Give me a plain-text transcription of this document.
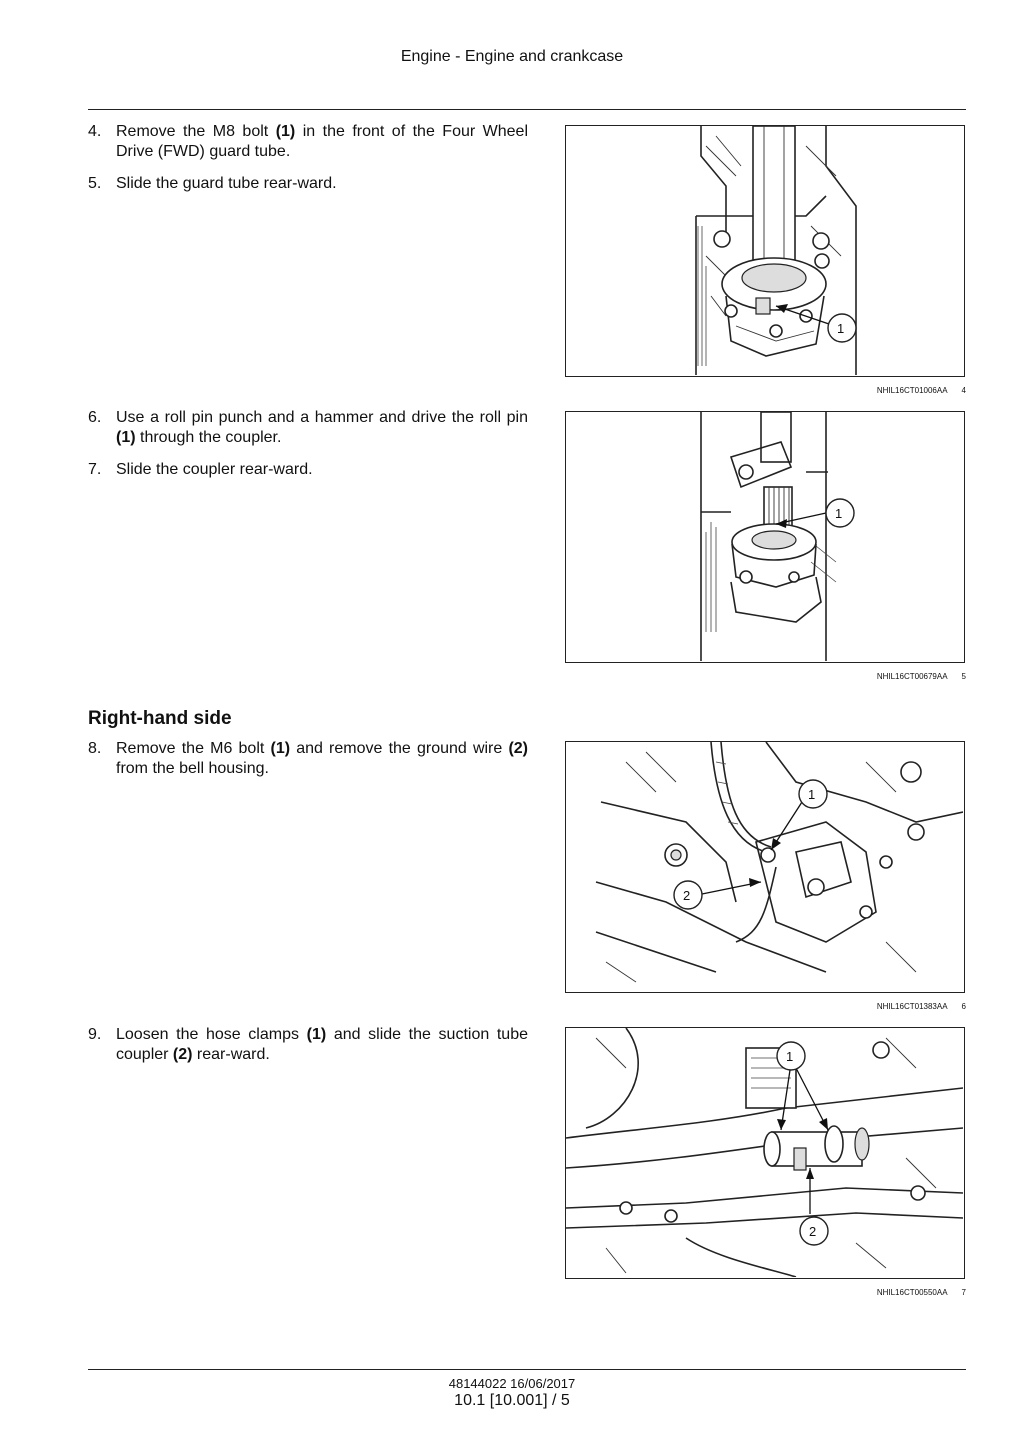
Engine - Engine and crankcase
4. Remove the M8 bolt (1) in the front of the Four Wheel Drive (FWD) guard tube.
5. Slide the guard tube rear-ward.
1
NHIL16CT01006AA 4
6. Use a roll pin punch and a hammer and drive the roll pin (1) through the coupler.
7. Slide the coupler rear-ward.
1
NHIL16CT00679AA 5
Right-hand side
8. Remove the M6 bolt (1) and remove the ground wire (2) from the bell housing.
1
2
NHIL16CT01383AA 6
9. Loosen the hose clamps (1) and slide the suction tube coupler (2) rear-ward.	1
2
NHIL16CT00550AA 7
48144022 16/06/2017
10.1 [10.001] / 5
